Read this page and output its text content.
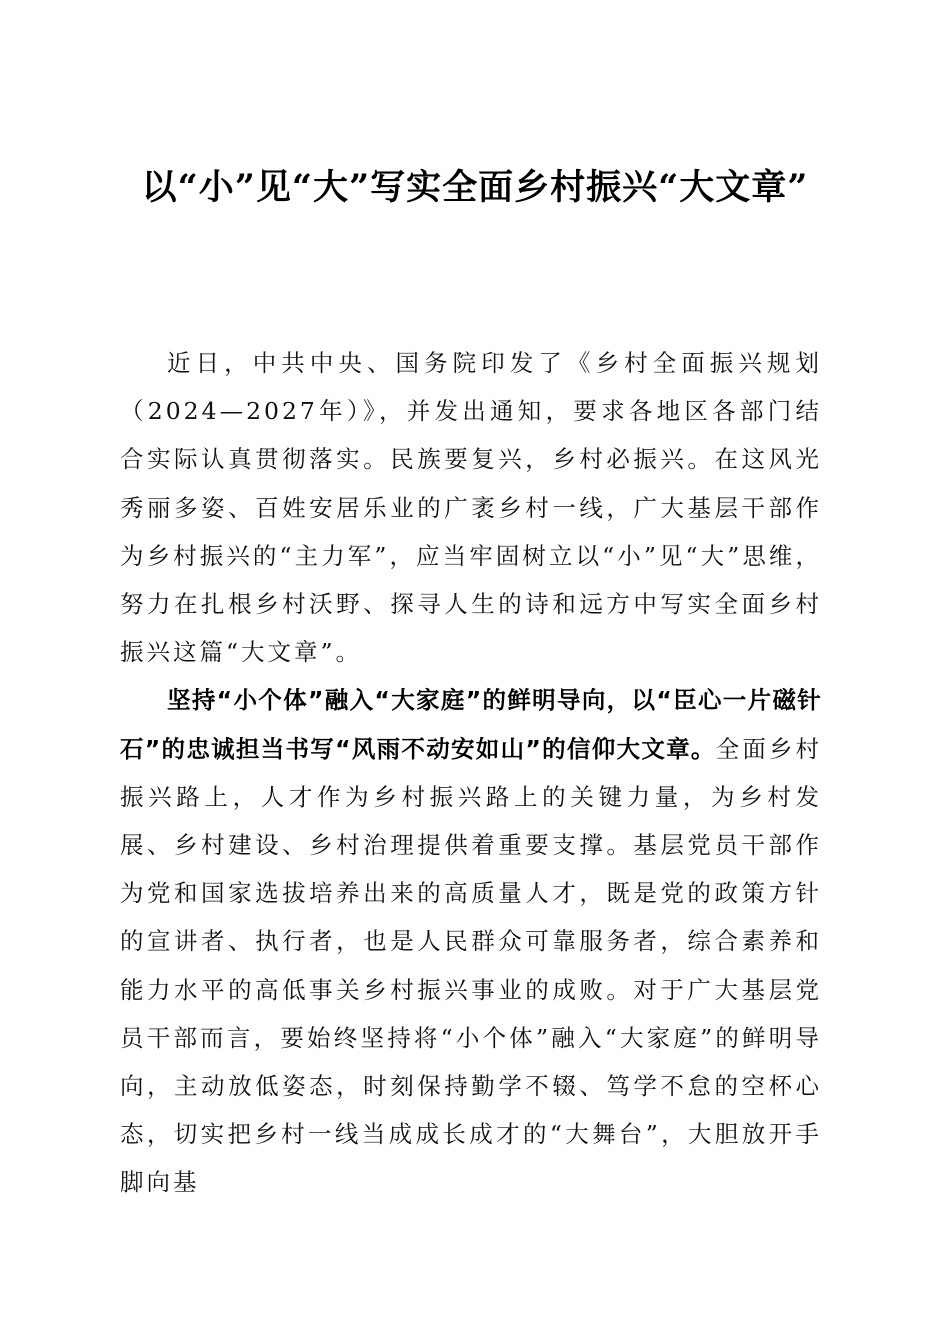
以“小”见“大”写实全面乡村振兴“大文章”

近日，中共中央、国务院印发了《乡村全面振兴规划（2024—2027年）》，并发出通知，要求各地区各部门结合实际认真贯彻落实。民族要复兴，乡村必振兴。在这风光秀丽多姿、百姓安居乐业的广袤乡村一线，广大基层干部作为乡村振兴的“主力军”，应当牢固树立以“小”见“大”思维，努力在扎根乡村沃野、探寻人生的诗和远方中写实全面乡村振兴这篇“大文章”。

坚持“小个体”融入“大家庭”的鲜明导向，以“臣心一片磁针石”的忠诚担当书写“风雨不动安如山”的信仰大文章。全面乡村振兴路上，人才作为乡村振兴路上的关键力量，为乡村发展、乡村建设、乡村治理提供着重要支撑。基层党员干部作为党和国家选拔培养出来的高质量人才，既是党的政策方针的宣讲者、执行者，也是人民群众可靠服务者，综合素养和能力水平的高低事关乡村振兴事业的成败。对于广大基层党员干部而言，要始终坚持将“小个体”融入“大家庭”的鲜明导向，主动放低姿态，时刻保持勤学不辍、笃学不怠的空杯心态，切实把乡村一线当成成长成才的“大舞台”，大胆放开手脚向基
